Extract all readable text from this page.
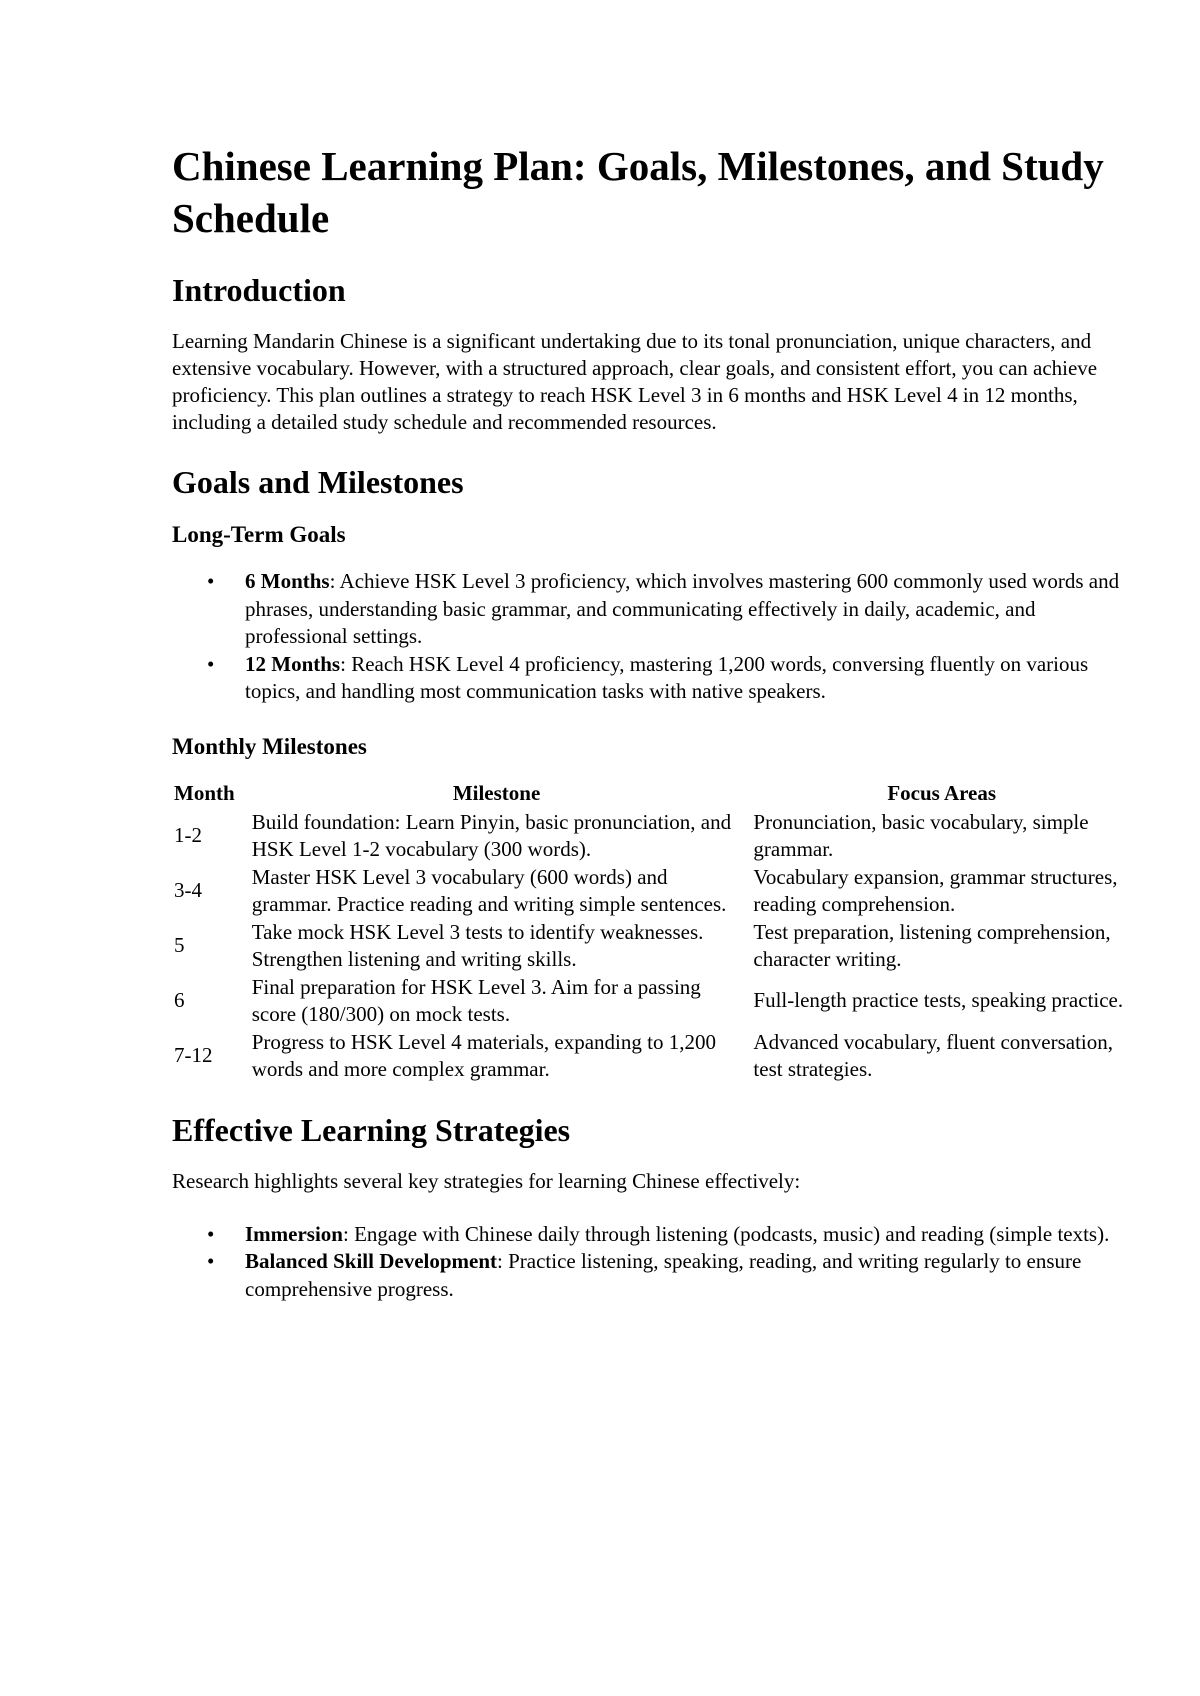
Chinese Learning Plan: Goals, Milestones, and Study Schedule
Introduction

Learning Mandarin Chinese is a significant undertaking due to its tonal pronunciation, unique characters, and extensive vocabulary. However, with a structured approach, clear goals, and consistent effort, you can achieve proficiency. This plan outlines a strategy to reach HSK Level 3 in 6 months and HSK Level 4 in 12 months, including a detailed study schedule and recommended resources.

Goals and Milestones
Long-Term Goals
• 6 Months: Achieve HSK Level 3 proficiency, which involves mastering 600 commonly used words and phrases, understanding basic grammar, and communicating effectively in daily, academic, and professional settings.
• 12 Months: Reach HSK Level 4 proficiency, mastering 1,200 words, conversing fluently on various topics, and handling most communication tasks with native speakers.
Monthly Milestones
Month	Milestone	Focus Areas
1-2	Build foundation: Learn Pinyin, basic pronunciation, and HSK Level 1-2 vocabulary (300 words).	Pronunciation, basic vocabulary, simple grammar.
3-4	Master HSK Level 3 vocabulary (600 words) and grammar. Practice reading and writing simple sentences.	Vocabulary expansion, grammar structures, reading comprehension.
5	Take mock HSK Level 3 tests to identify weaknesses. Strengthen listening and writing skills.	Test preparation, listening comprehension, character writing.
6	Final preparation for HSK Level 3. Aim for a passing score (180/300) on mock tests.	Full-length practice tests, speaking practice.
7-12	Progress to HSK Level 4 materials, expanding to 1,200 words and more complex grammar.	Advanced vocabulary, fluent conversation, test strategies.
Effective Learning Strategies

Research highlights several key strategies for learning Chinese effectively:

• Immersion: Engage with Chinese daily through listening (podcasts, music) and reading (simple texts).
• Balanced Skill Development: Practice listening, speaking, reading, and writing regularly to ensure comprehensive progress.
